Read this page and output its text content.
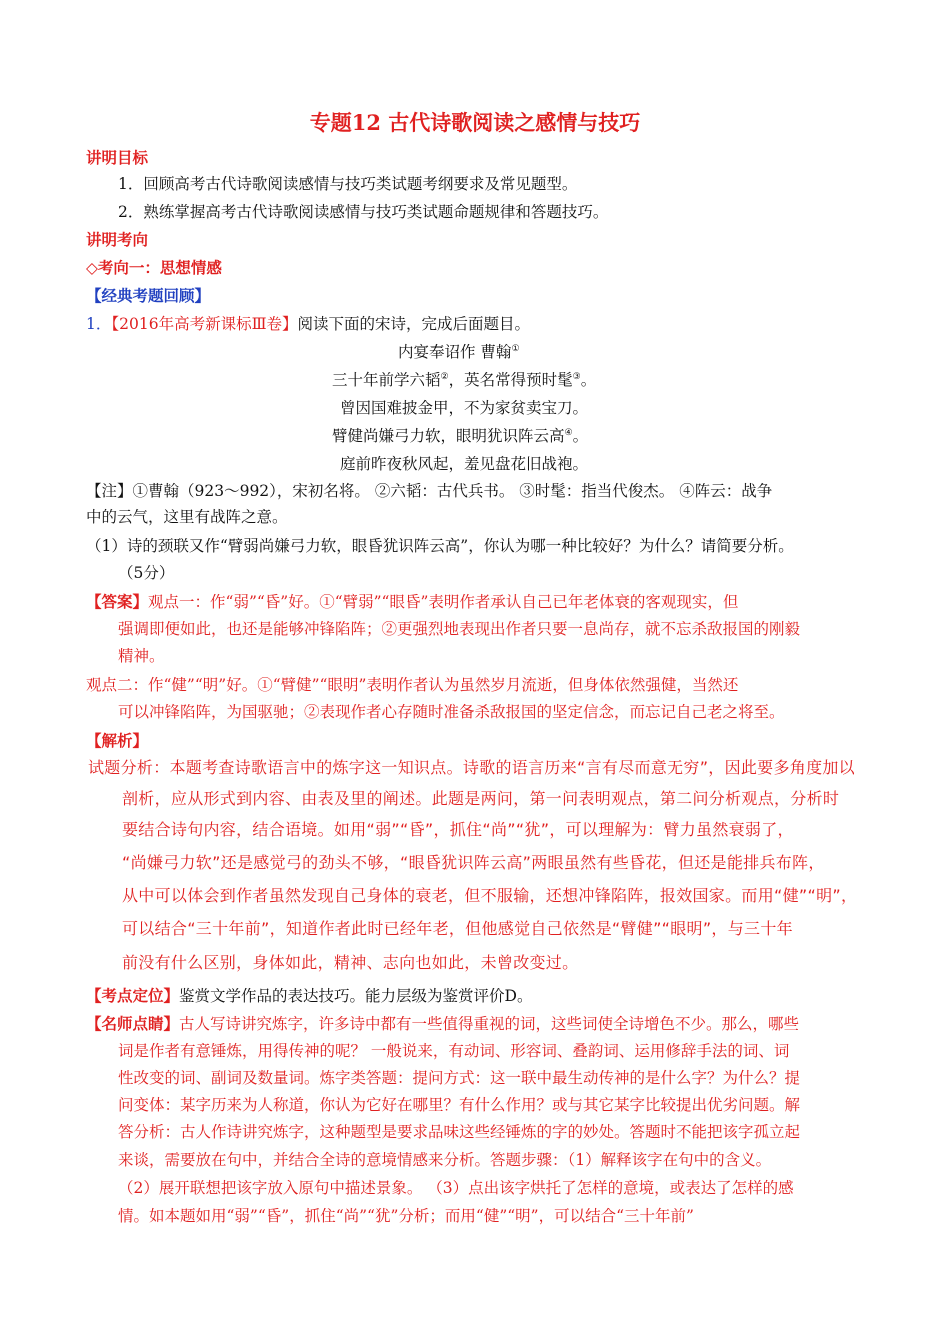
专题12 古代诗歌阅读之感情与技巧
讲明目标
1．回顾高考古代诗歌阅读感情与技巧类试题考纲要求及常见题型。
2．熟练掌握高考古代诗歌阅读感情与技巧类试题命题规律和答题技巧。
讲明考向
◇考向一：思想情感
【经典考题回顾】
1．【2016年高考新课标Ⅲ卷】阅读下面的宋诗，完成后面题目。
内宴奉诏作 曹翰①
三十年前学六韬②，英名常得预时髦③。
曾因国难披金甲，不为家贫卖宝刀。
臂健尚嫌弓力软，眼明犹识阵云高④。
庭前昨夜秋风起，羞见盘花旧战袍。
【注】①曹翰（923～992），宋初名将。 ②六韬：古代兵书。 ③时髦：指当代俊杰。 ④阵云：战争
中的云气，这里有战阵之意。
（1）诗的颈联又作“臂弱尚嫌弓力软，眼昏犹识阵云高”，你认为哪一种比较好？为什么？请简要分析。
（5分）
【答案】观点一：作“弱”“昏”好。①“臂弱”“眼昏”表明作者承认自己已年老体衰的客观现实，但
强调即便如此，也还是能够冲锋陷阵；②更强烈地表现出作者只要一息尚存，就不忘杀敌报国的刚毅
精神。
观点二：作“健”“明”好。①“臂健”“眼明”表明作者认为虽然岁月流逝，但身体依然强健，当然还
可以冲锋陷阵，为国驱驰；②表现作者心存随时准备杀敌报国的坚定信念，而忘记自己老之将至。
【解析】
试题分析：本题考查诗歌语言中的炼字这一知识点。诗歌的语言历来“言有尽而意无穷”，因此要多角度加以
剖析，应从形式到内容、由表及里的阐述。此题是两问，第一问表明观点，第二问分析观点，分析时
要结合诗句内容，结合语境。如用“弱”“昏”，抓住“尚”“犹”，可以理解为：臂力虽然衰弱了，
“尚嫌弓力软”还是感觉弓的劲头不够，“眼昏犹识阵云高”两眼虽然有些昏花，但还是能排兵布阵，
从中可以体会到作者虽然发现自己身体的衰老，但不服输，还想冲锋陷阵，报效国家。而用“健”“明”，
可以结合“三十年前”，知道作者此时已经年老，但他感觉自己依然是“臂健”“眼明”，与三十年
前没有什么区别，身体如此，精神、志向也如此，未曾改变过。
【考点定位】鉴赏文学作品的表达技巧。能力层级为鉴赏评价D。
【名师点睛】古人写诗讲究炼字，许多诗中都有一些值得重视的词，这些词使全诗增色不少。那么，哪些
词是作者有意锤炼，用得传神的呢？ 一般说来，有动词、形容词、叠韵词、运用修辞手法的词、词
性改变的词、副词及数量词。炼字类答题：提问方式：这一联中最生动传神的是什么字？为什么？提
问变体：某字历来为人称道，你认为它好在哪里？有什么作用？或与其它某字比较提出优劣问题。解
答分析：古人作诗讲究炼字，这种题型是要求品味这些经锤炼的字的妙处。答题时不能把该字孤立起
来谈，需要放在句中，并结合全诗的意境情感来分析。答题步骤：（1）解释该字在句中的含义。
（2）展开联想把该字放入原句中描述景象。 （3）点出该字烘托了怎样的意境，或表达了怎样的感
情。如本题如用“弱”“昏”，抓住“尚”“犹”分析；而用“健”“明”，可以结合“三十年前”
